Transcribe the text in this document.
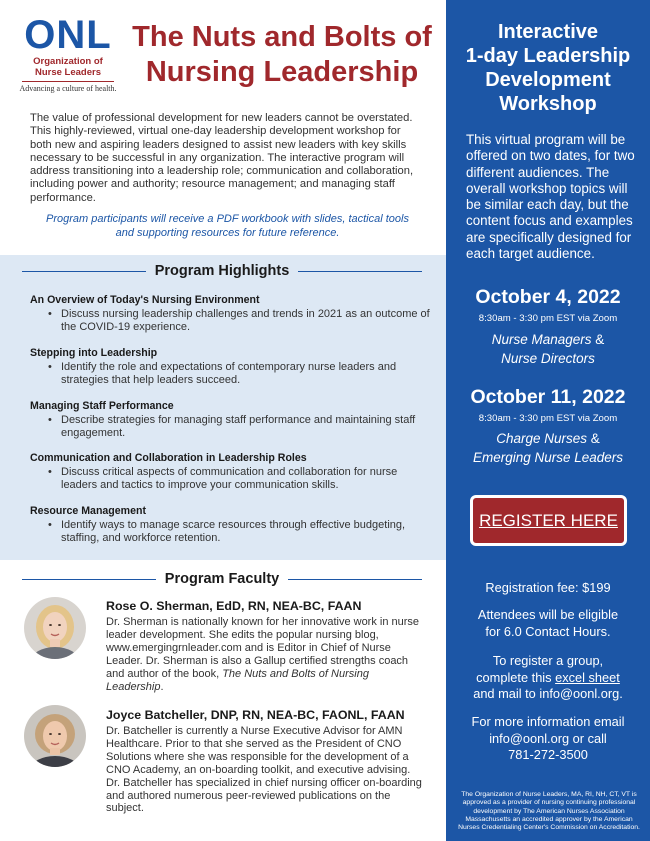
ONL
Organization of
Nurse Leaders
Advancing a culture of health.
The Nuts and Bolts of
Nursing Leadership

The value of professional development for new leaders cannot be overstated. This highly-reviewed, virtual one-day leadership development workshop for both new and aspiring leaders designed to assist new leaders with key skills necessary to be successful in any organization. The interactive program will address transitioning into a leadership role; communication and collaboration, including power and authority; resource management; and managing staff performance.

Program participants will receive a PDF workbook with slides, tactical tools and supporting resources for future reference.

Program Highlights
An Overview of Today's Nursing Environment
• Discuss nursing leadership challenges and trends in 2021 as an outcome of the COVID-19 experience.
Stepping into Leadership
• Identify the role and expectations of contemporary nurse leaders and strategies that help leaders succeed.
Managing Staff Performance
• Describe strategies for managing staff performance and maintaining staff engagement.
Communication and Collaboration in Leadership Roles
• Discuss critical aspects of communication and collaboration for nurse leaders and tactics to improve your communication skills.
Resource Management
• Identify ways to manage scarce resources through effective budgeting, staffing, and workforce retention.
Program Faculty
Rose O. Sherman, EdD, RN, NEA-BC, FAAN
Dr. Sherman is nationally known for her innovative work in nurse leader development. She edits the popular nursing blog, www.emergingrnleader.com and is Editor in Chief of Nurse Leader. Dr. Sherman is also a Gallup certified strengths coach and author of the book, The Nuts and Bolts of Nursing Leadership.
Joyce Batcheller, DNP, RN, NEA-BC, FAONL, FAAN
Dr. Batcheller is currently a Nurse Executive Advisor for AMN Healthcare. Prior to that she served as the President of CNO Solutions where she was responsible for the development of a CNO Academy, an on-boarding toolkit, and executive advising. Dr. Batcheller has specialized in chief nursing officer on-boarding and authored numerous peer-reviewed publications on the subject.
Interactive
1-day Leadership
Development
Workshop

This virtual program will be offered on two dates, for two different audiences. The overall workshop topics will be similar each day, but the content focus and examples are specifically designed for each target audience.

October 4, 2022
8:30am - 3:30 pm EST via Zoom
Nurse Managers &
Nurse Directors
October 11, 2022
8:30am - 3:30 pm EST via Zoom
Charge Nurses &
Emerging Nurse Leaders
REGISTER HERE
Registration fee: $199
Attendees will be eligible
for 6.0 Contact Hours.
To register a group,
complete this excel sheet
and mail to info@oonl.org.
For more information email
info@oonl.org or call
781-272-3500

The Organization of Nurse Leaders, MA, RI, NH, CT, VT is approved as a provider of nursing continuing professional development by The American Nurses Association Massachusetts an accredited approver by the American Nurses Credentialing Center's Commission on Accreditation.
